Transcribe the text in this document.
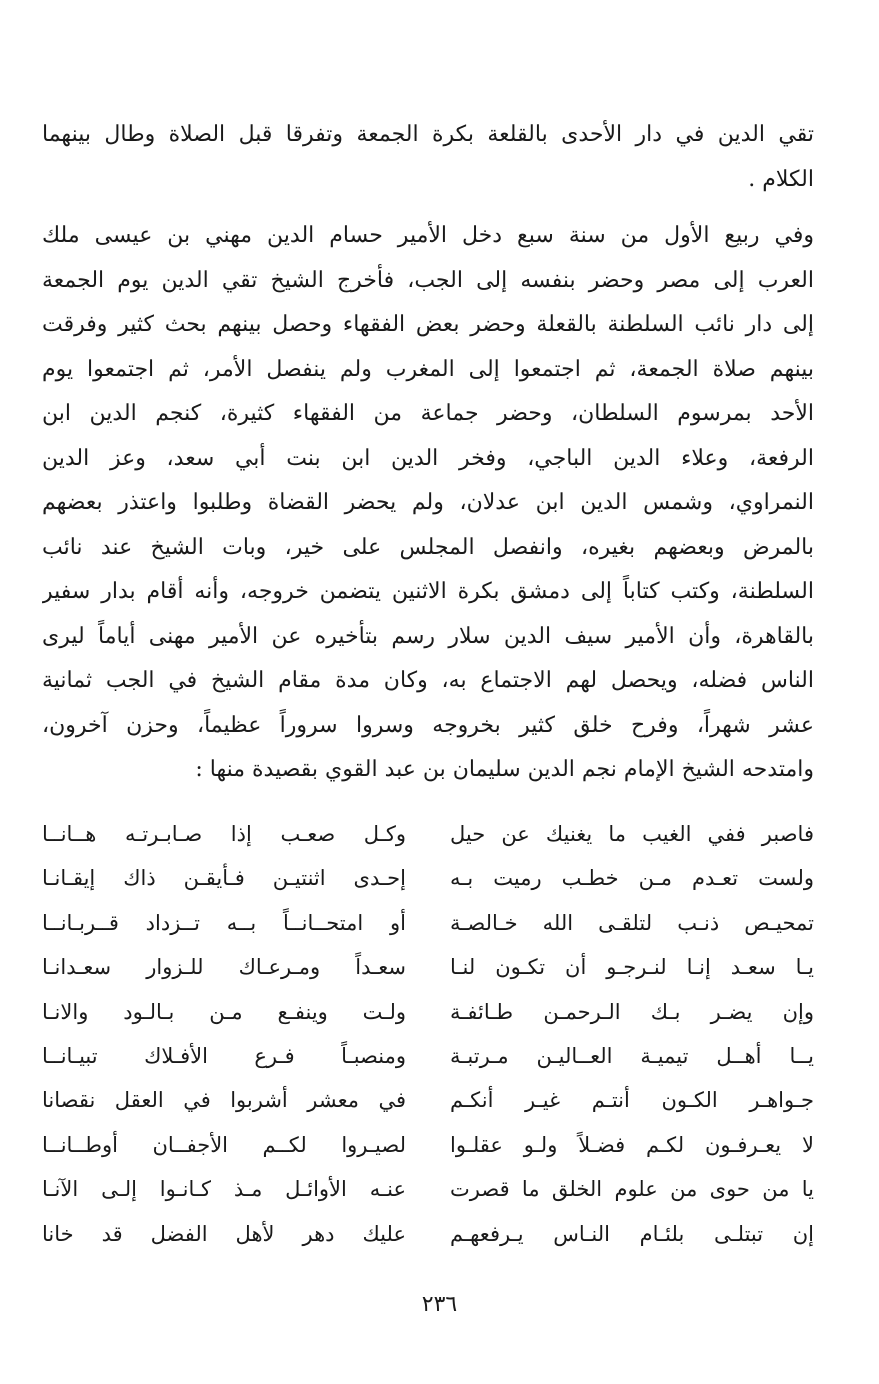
تقي الدين في دار الأحدى بالقلعة بكرة الجمعة وتفرقا قبل الصلاة وطال بينهما
الكلام .
وفي ربيع الأول من سنة سبع دخل الأمير حسام الدين مهني بن عيسى ملك
العرب إلى مصر وحضر بنفسه إلى الجب، فأخرج الشيخ تقي الدين يوم الجمعة
إلى دار نائب السلطنة بالقعلة وحضر بعض الفقهاء وحصل بينهم بحث كثير وفرقت
بينهم صلاة الجمعة، ثم اجتمعوا إلى المغرب ولم ينفصل الأمر، ثم اجتمعوا يوم
الأحد بمرسوم السلطان، وحضر جماعة من الفقهاء كثيرة، كنجم الدين ابن
الرفعة، وعلاء الدين الباجي، وفخر الدين ابن بنت أبي سعد، وعز الدين
النمراوي، وشمس الدين ابن عدلان، ولم يحضر القضاة وطلبوا واعتذر بعضهم
بالمرض وبعضهم بغيره، وانفصل المجلس على خير، وبات الشيخ عند نائب
السلطنة، وكتب كتاباً إلى دمشق بكرة الاثنين يتضمن خروجه، وأنه أقام بدار سفير
بالقاهرة، وأن الأمير سيف الدين سلار رسم بتأخيره عن الأمير مهنى أياماً ليرى
الناس فضله، ويحصل لهم الاجتماع به، وكان مدة مقام الشيخ في الجب ثمانية
عشر شهراً، وفرح خلق كثير بخروجه وسروا سروراً عظيماً، وحزن آخرون،
وامتدحه الشيخ الإمام نجم الدين سليمان بن عبد القوي بقصيدة منها :
فاصبر ففي الغيب ما يغنيك عن حيل
ولست تعـدم مـن خطـب رميت بـه
تمحيـص ذنـب لتلقـى الله خـالصـة
يـا سعـد إنـا لنـرجـو أن تكـون لنـا
وإن يضـر بـك الـرحمـن طـائفـة
يــا أهــل تيميـة العــاليـن مـرتبـة
جـواهـر الكـون أنتـم غيـر أنكـم
لا يعـرفـون لكـم فضـلاً ولـو عقلـوا
يا من حوى من علوم الخلق ما قصرت
إن تبتلـى بلئـام النـاس يـرفعهـم
وكـل صعـب إذا صـابـرتـه هــانــا
إحـدى اثنتيـن فـأيقـن ذاك إيقـانـا
أو امتحــانــاً بــه تــزداد قــربـانــا
سعـداً ومـرعـاك للـزوار سعـدانـا
ولـت وينفـع مـن بـالـود والانـا
ومنصبـاً فـرع الأفـلاك تبيـانــا
في معشر أشربوا في العقل نقصانا
لصيـروا لكــم الأجفــان أوطــانــا
عنـه الأوائـل مـذ كـانـوا إلـى الآنـا
عليك دهر لأهل الفضل قد خانا
٢٣٦
